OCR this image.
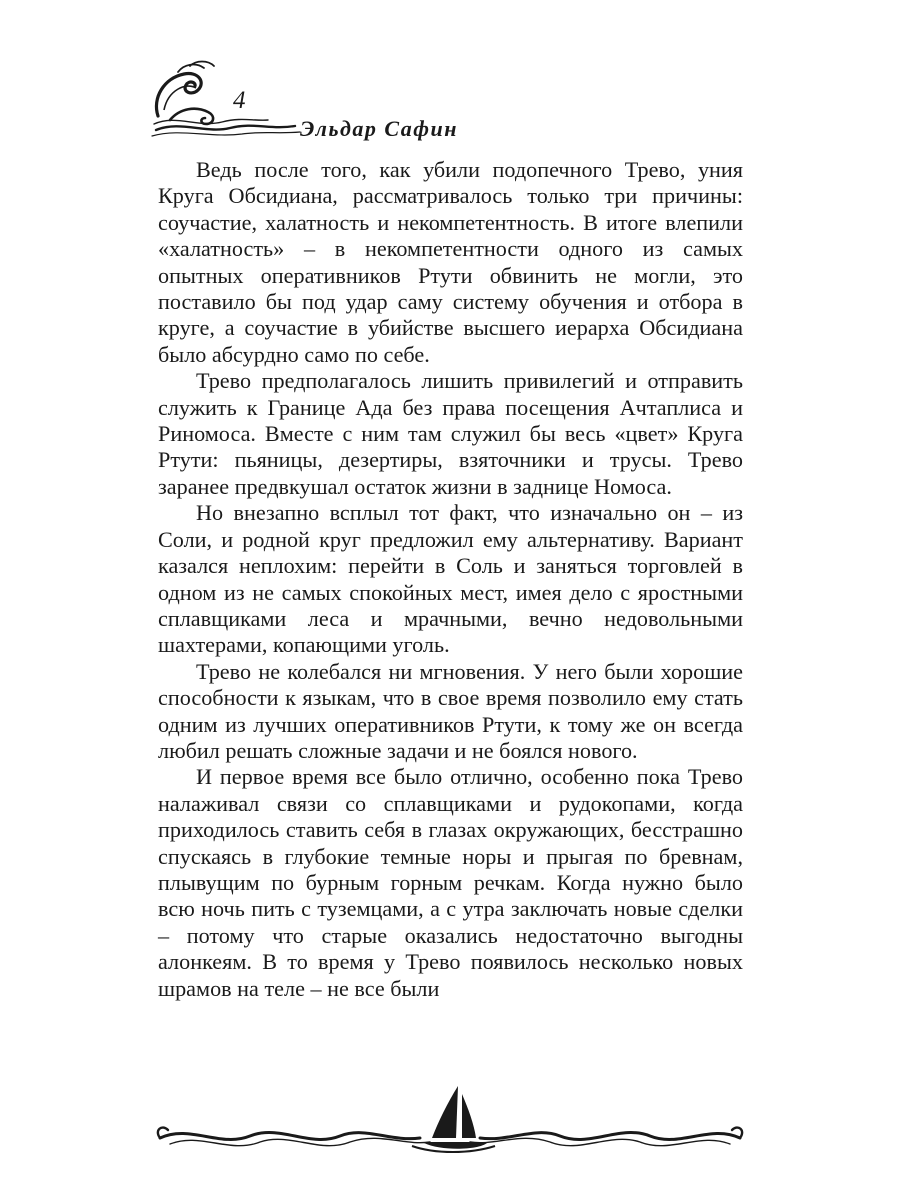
4
Эльдар Сафин

Ведь после того, как убили подопечного Трево, уния Круга Обсидиана, рассматривалось только три причины: соучастие, халатность и некомпетентность. В итоге влепили «халатность» – в некомпетентности одного из самых опытных оперативников Ртути обвинить не могли, это поставило бы под удар саму систему обучения и отбора в круге, а соучастие в убийстве высшего иерарха Обсидиана было абсурдно само по себе.

Трево предполагалось лишить привилегий и отправить служить к Границе Ада без права посещения Ачтаплиса и Риномоса. Вместе с ним там служил бы весь «цвет» Круга Ртути: пьяницы, дезертиры, взяточники и трусы. Трево заранее предвкушал остаток жизни в заднице Номоса.

Но внезапно всплыл тот факт, что изначально он – из Соли, и родной круг предложил ему альтернативу. Вариант казался неплохим: перейти в Соль и заняться торговлей в одном из не самых спокойных мест, имея дело с яростными сплавщиками леса и мрачными, вечно недовольными шахтерами, копающими уголь.

Трево не колебался ни мгновения. У него были хорошие способности к языкам, что в свое время позволило ему стать одним из лучших оперативников Ртути, к тому же он всегда любил решать сложные задачи и не боялся нового.

И первое время все было отлично, особенно пока Трево налаживал связи со сплавщиками и рудокопами, когда приходилось ставить себя в глазах окружающих, бесстрашно спускаясь в глубокие темные норы и прыгая по бревнам, плывущим по бурным горным речкам. Когда нужно было всю ночь пить с туземцами, а с утра заключать новые сделки – потому что старые оказались недостаточно выгодны алонкеям. В то время у Трево появилось несколько новых шрамов на теле – не все были
